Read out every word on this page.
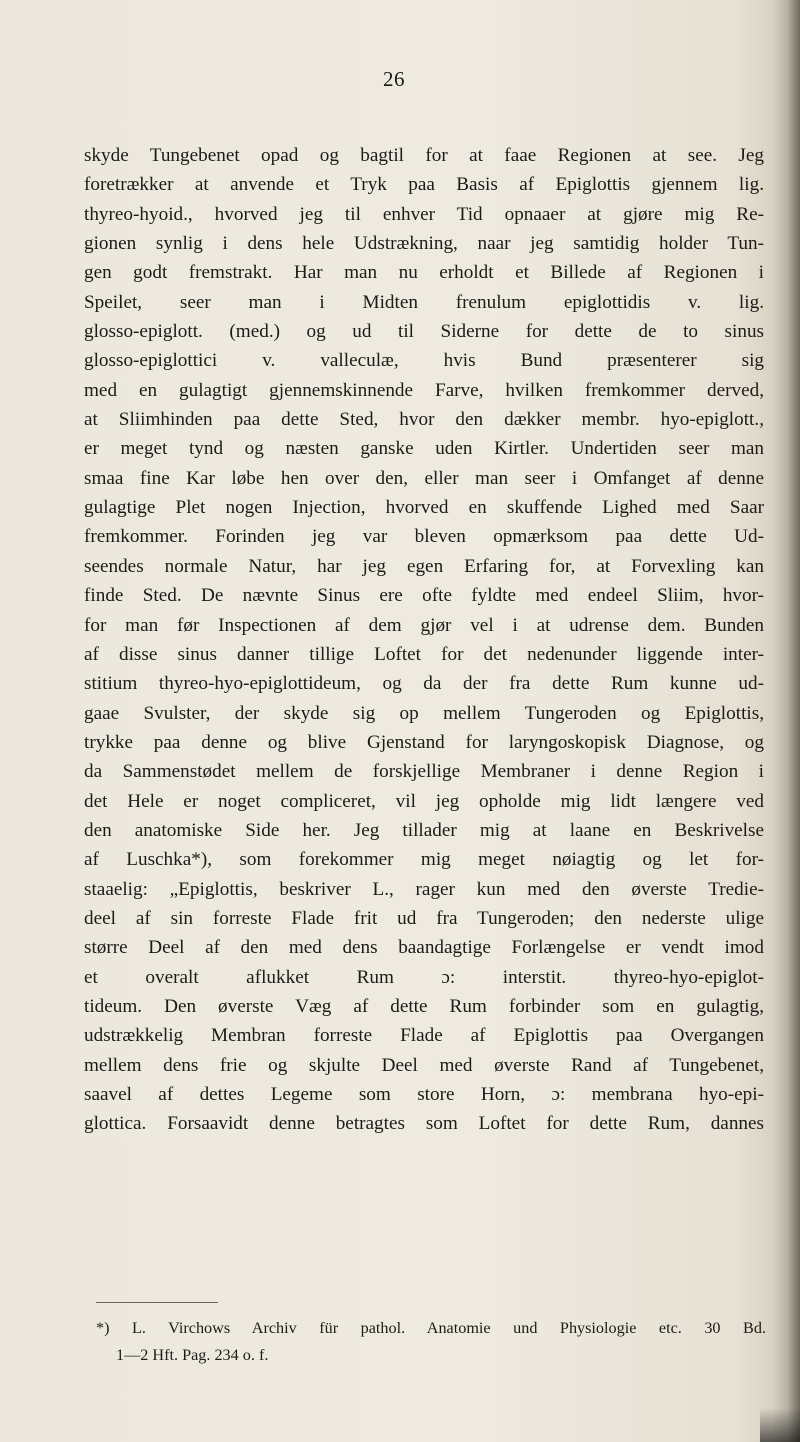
26
skyde Tungebenet opad og bagtil for at faae Regionen at see. Jeg
foretrækker at anvende et Tryk paa Basis af Epiglottis gjennem lig.
thyreo-hyoid., hvorved jeg til enhver Tid opnaaer at gjøre mig Re-
gionen synlig i dens hele Udstrækning, naar jeg samtidig holder Tun-
gen godt fremstrakt. Har man nu erholdt et Billede af Regionen i
Speilet, seer man i Midten frenulum epiglottidis v. lig.
glosso-epiglott. (med.) og ud til Siderne for dette de to sinus
glosso-epiglottici v. valleculæ, hvis Bund præsenterer sig
med en gulagtigt gjennemskinnende Farve, hvilken fremkommer derved,
at Sliimhinden paa dette Sted, hvor den dækker membr. hyo-epiglott.,
er meget tynd og næsten ganske uden Kirtler. Undertiden seer man
smaa fine Kar løbe hen over den, eller man seer i Omfanget af denne
gulagtige Plet nogen Injection, hvorved en skuffende Lighed med Saar
fremkommer. Forinden jeg var bleven opmærksom paa dette Ud-
seendes normale Natur, har jeg egen Erfaring for, at Forvexling kan
finde Sted. De nævnte Sinus ere ofte fyldte med endeel Sliim, hvor-
for man før Inspectionen af dem gjør vel i at udrense dem. Bunden
af disse sinus danner tillige Loftet for det nedenunder liggende inter-
stitium thyreo-hyo-epiglottideum, og da der fra dette Rum kunne ud-
gaae Svulster, der skyde sig op mellem Tungeroden og Epiglottis,
trykke paa denne og blive Gjenstand for laryngoskopisk Diagnose, og
da Sammenstødet mellem de forskjellige Membraner i denne Region i
det Hele er noget compliceret, vil jeg opholde mig lidt længere ved
den anatomiske Side her. Jeg tillader mig at laane en Beskrivelse
af Luschka*), som forekommer mig meget nøiagtig og let for-
staaelig: „Epiglottis, beskriver L., rager kun med den øverste Tredie-
deel af sin forreste Flade frit ud fra Tungeroden; den nederste ulige
større Deel af den med dens baandagtige Forlængelse er vendt imod
et overalt aflukket Rum ɔ: interstit. thyreo-hyo-epiglot-
tideum. Den øverste Væg af dette Rum forbinder som en gulagtig,
udstrækkelig Membran forreste Flade af Epiglottis paa Overgangen
mellem dens frie og skjulte Deel med øverste Rand af Tungebenet,
saavel af dettes Legeme som store Horn, ɔ: membrana hyo-epi-
glottica. Forsaavidt denne betragtes som Loftet for dette Rum, dannes
*) L. Virchows Archiv für pathol. Anatomie und Physiologie etc. 30 Bd.
1—2 Hft. Pag. 234 o. f.
